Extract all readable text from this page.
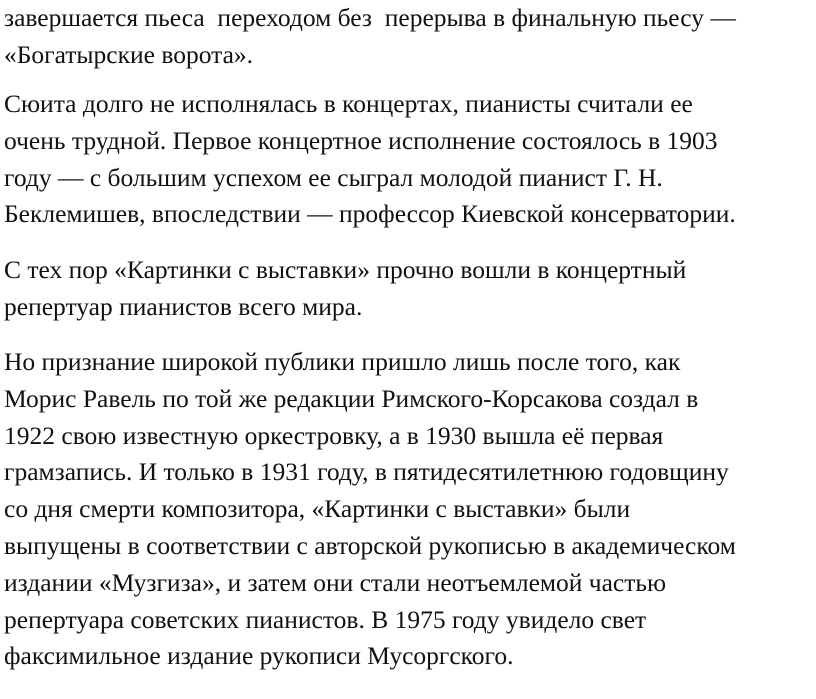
завершается пьеса  переходом без  перерыва в финальную пьесу —
«Богатырские ворота».

Сюита долго не исполнялась в концертах, пианисты считали ее
очень трудной. Первое концертное исполнение состоялось в 1903
году — с большим успехом ее сыграл молодой пианист Г. Н.
Беклемишев, впоследствии — профессор Киевской консерватории.

С тех пор «Картинки с выставки» прочно вошли в концертный
репертуар пианистов всего мира.

Но признание широкой публики пришло лишь после того, как
Морис Равель по той же редакции Римского-Корсакова создал в
1922 свою известную оркестровку, а в 1930 вышла её первая
грамзапись. И только в 1931 году, в пятидесятилетнюю годовщину
со дня смерти композитора, «Картинки с выставки» были
выпущены в соответствии с авторской рукописью в академическом
издании «Музгиза», и затем они стали неотъемлемой частью
репертуара советских пианистов. В 1975 году увидело свет
факсимильное издание рукописи Мусоргского.
